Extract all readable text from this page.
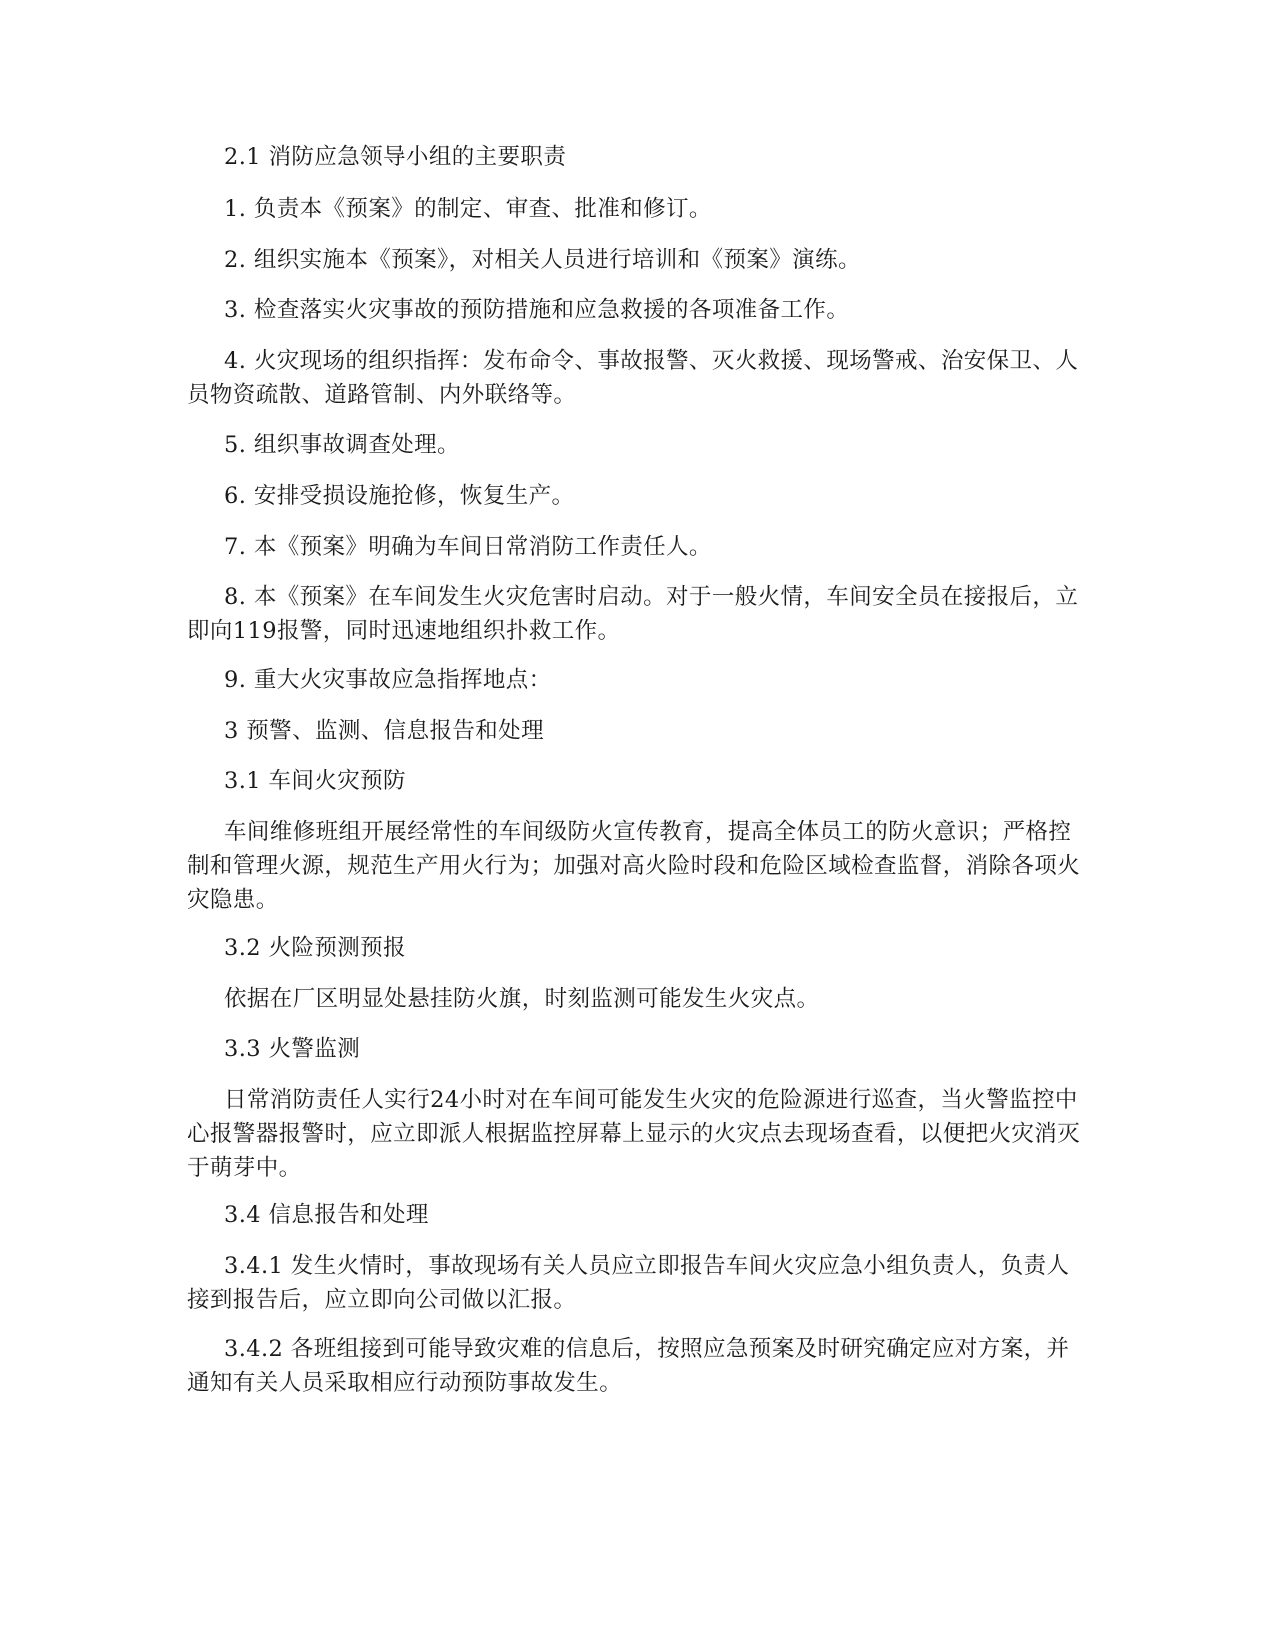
2.1 消防应急领导小组的主要职责

1. 负责本《预案》的制定、审查、批准和修订。

2. 组织实施本《预案》，对相关人员进行培训和《预案》演练。

3. 检查落实火灾事故的预防措施和应急救援的各项准备工作。

4. 火灾现场的组织指挥：发布命令、事故报警、灭火救援、现场警戒、治安保卫、人员物资疏散、道路管制、内外联络等。

5. 组织事故调查处理。

6. 安排受损设施抢修，恢复生产。

7. 本《预案》明确为车间日常消防工作责任人。

8. 本《预案》在车间发生火灾危害时启动。对于一般火情，车间安全员在接报后，立即向119报警，同时迅速地组织扑救工作。

9. 重大火灾事故应急指挥地点：

3 预警、监测、信息报告和处理

3.1 车间火灾预防

车间维修班组开展经常性的车间级防火宣传教育，提高全体员工的防火意识；严格控制和管理火源，规范生产用火行为；加强对高火险时段和危险区域检查监督，消除各项火灾隐患。

3.2 火险预测预报

依据在厂区明显处悬挂防火旗，时刻监测可能发生火灾点。

3.3 火警监测

日常消防责任人实行24小时对在车间可能发生火灾的危险源进行巡查，当火警监控中心报警器报警时，应立即派人根据监控屏幕上显示的火灾点去现场查看，以便把火灾消灭于萌芽中。

3.4 信息报告和处理

3.4.1 发生火情时，事故现场有关人员应立即报告车间火灾应急小组负责人，负责人接到报告后，应立即向公司做以汇报。

3.4.2 各班组接到可能导致灾难的信息后，按照应急预案及时研究确定应对方案，并通知有关人员采取相应行动预防事故发生。
